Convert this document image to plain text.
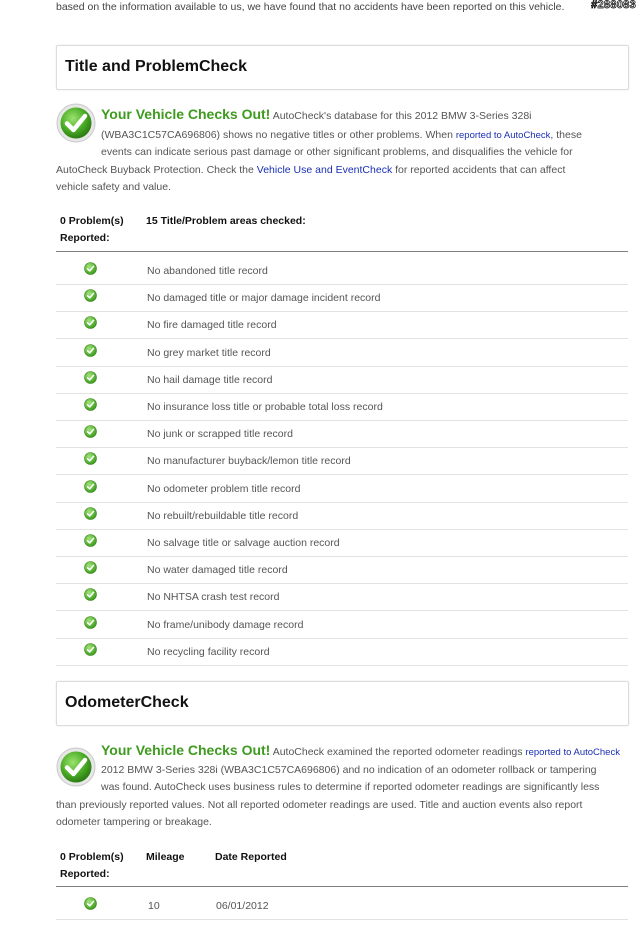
based on the information available to us, we have found that no accidents have been reported on this vehicle. #288083
Title and ProblemCheck
Your Vehicle Checks Out! AutoCheck's database for this 2012 BMW 3-Series 328i
(WBA3C1C57CA696806) shows no negative titles or other problems. When reported to AutoCheck, these
events can indicate serious past damage or other significant problems, and disqualifies the vehicle for
AutoCheck Buyback Protection. Check the Vehicle Use and EventCheck for reported accidents that can affect
vehicle safety and value.
0 Problem(s)
Reported:
15 Title/Problem areas checked:
No abandoned title record
No damaged title or major damage incident record
No fire damaged title record
No grey market title record
No hail damage title record
No insurance loss title or probable total loss record
No junk or scrapped title record
No manufacturer buyback/lemon title record
No odometer problem title record
No rebuilt/rebuildable title record
No salvage title or salvage auction record
No water damaged title record
No NHTSA crash test record
No frame/unibody damage record
No recycling facility record
OdometerCheck
Your Vehicle Checks Out! AutoCheck examined the reported odometer readings reported to AutoCheck
2012 BMW 3-Series 328i (WBA3C1C57CA696806) and no indication of an odometer rollback or tampering
was found. AutoCheck uses business rules to determine if reported odometer readings are significantly less
than previously reported values. Not all reported odometer readings are used. Title and auction events also report
odometer tampering or breakage.
0 Problem(s)
Reported:
Mileage	Date Reported
10	06/01/2012
